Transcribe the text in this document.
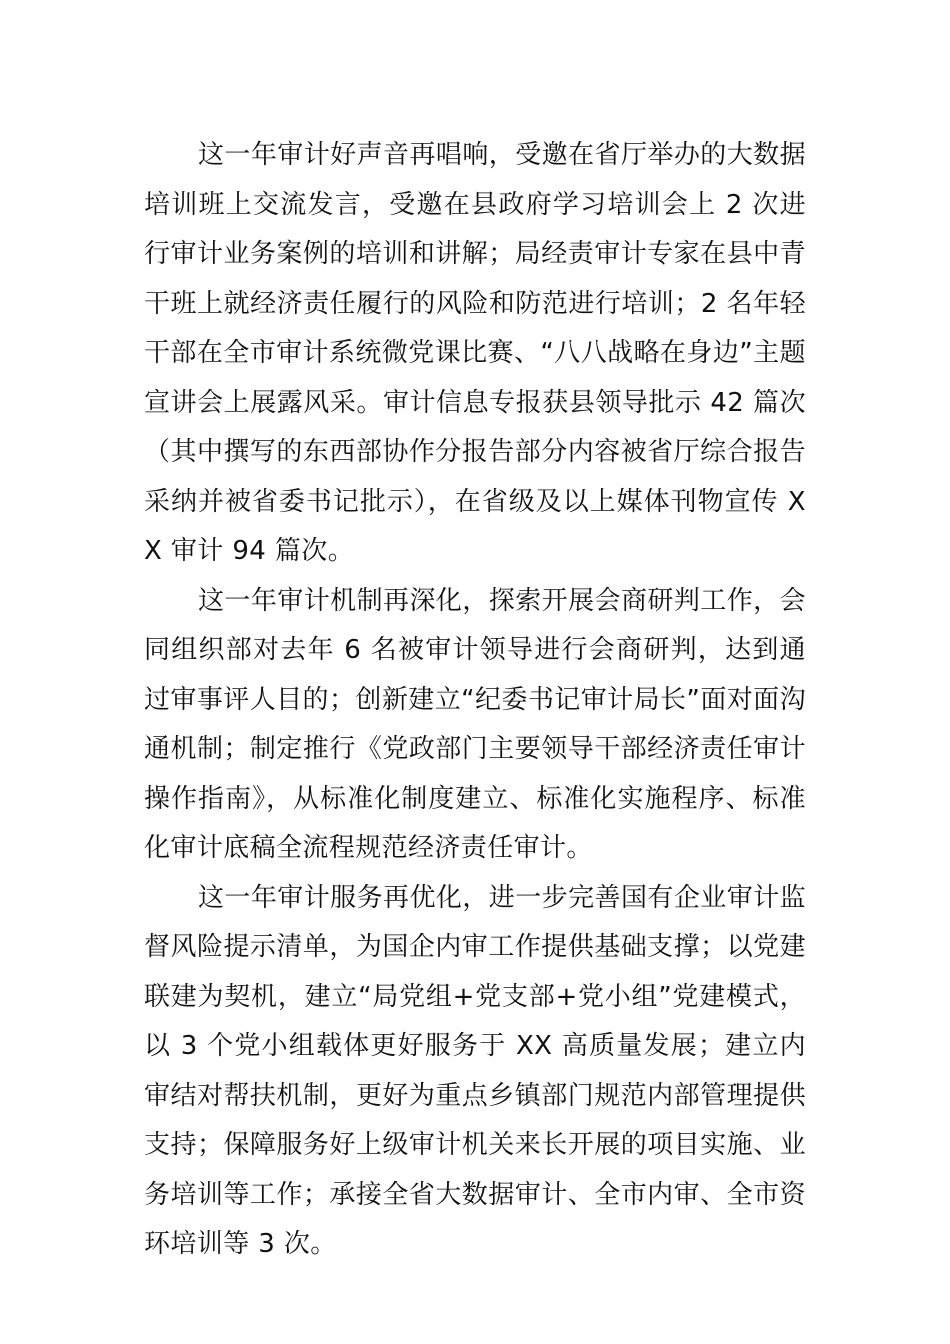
这一年审计好声音再唱响，受邀在省厅举办的大数据培训班上交流发言，受邀在县政府学习培训会上 2 次进行审计业务案例的培训和讲解；局经责审计专家在县中青干班上就经济责任履行的风险和防范进行培训；2 名年轻干部在全市审计系统微党课比赛、“八八战略在身边”主题宣讲会上展露风采。审计信息专报获县领导批示 42 篇次（其中撰写的东西部协作分报告部分内容被省厅综合报告采纳并被省委书记批示），在省级及以上媒体刊物宣传 XX 审计 94 篇次。

这一年审计机制再深化，探索开展会商研判工作，会同组织部对去年 6 名被审计领导进行会商研判，达到通过审事评人目的；创新建立“纪委书记审计局长”面对面沟通机制；制定推行《党政部门主要领导干部经济责任审计操作指南》，从标准化制度建立、标准化实施程序、标准化审计底稿全流程规范经济责任审计。

这一年审计服务再优化，进一步完善国有企业审计监督风险提示清单，为国企内审工作提供基础支撑；以党建联建为契机，建立“局党组+党支部+党小组”党建模式，以 3 个党小组载体更好服务于 XX 高质量发展；建立内审结对帮扶机制，更好为重点乡镇部门规范内部管理提供支持；保障服务好上级审计机关来长开展的项目实施、业务培训等工作；承接全省大数据审计、全市内审、全市资环培训等 3 次。
